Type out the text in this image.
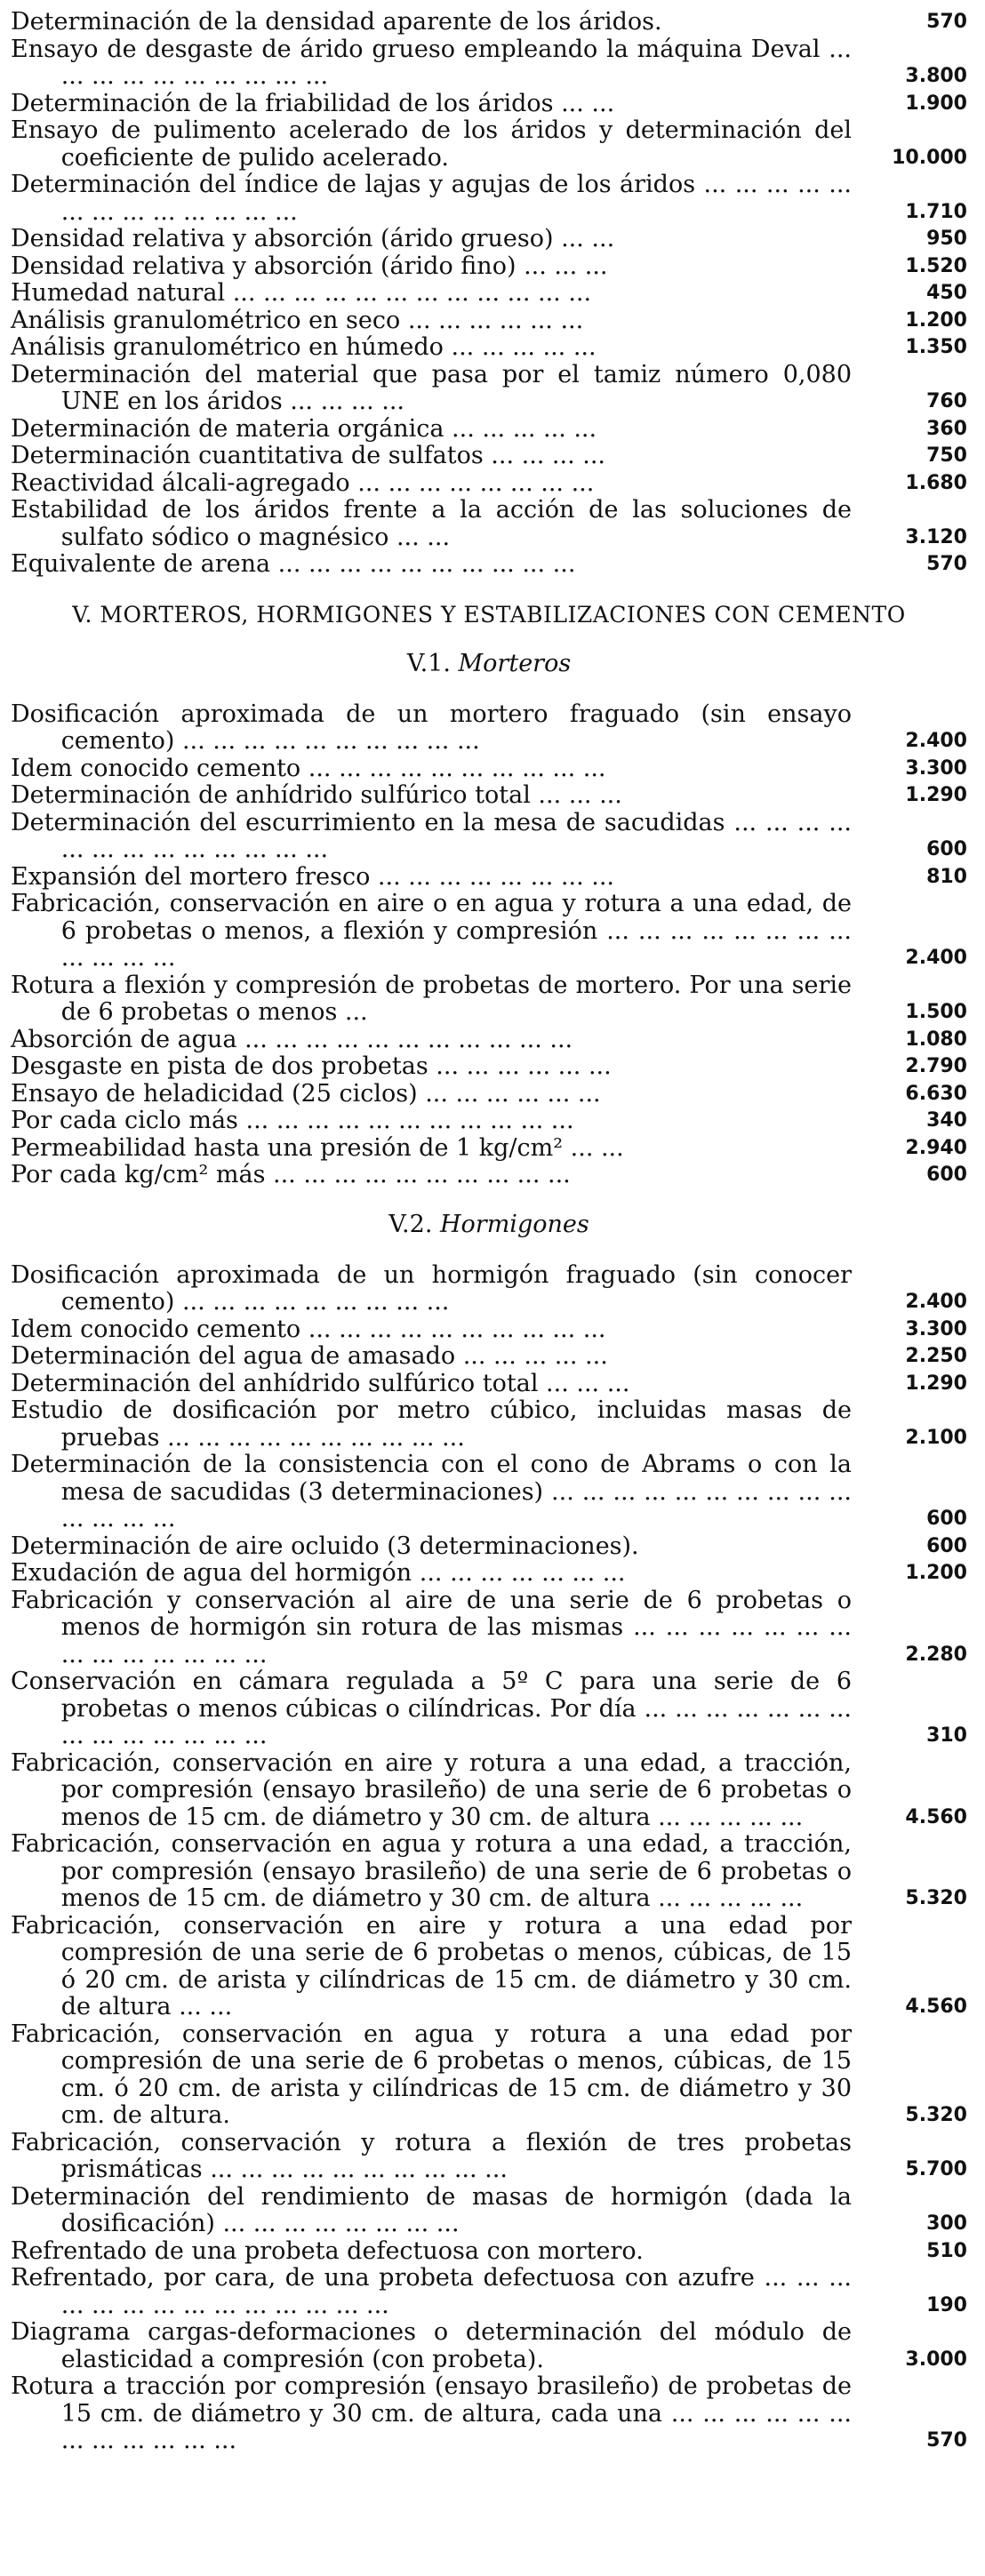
Determinación de la densidad aparente de los áridos.	570
Ensayo de desgaste de árido grueso empleando la máquina Deval ... ... ... ... ... ... ... ... ... ...	3.800
Determinación de la friabilidad de los áridos ... ...	1.900
Ensayo de pulimento acelerado de los áridos y determinación del coeficiente de pulido acelerado.	10.000
Determinación del índice de lajas y agujas de los áridos ... ... ... ... ... ... ... ... ... ... ... ... ...	1.710
Densidad relativa y absorción (árido grueso) ... ...	950
Densidad relativa y absorción (árido fino) ... ... ...	1.520
Humedad natural ... ... ... ... ... ... ... ... ... ... ... ...	450
Análisis granulométrico en seco ... ... ... ... ... ...	1.200
Análisis granulométrico en húmedo ... ... ... ... ...	1.350
Determinación del material que pasa por el tamiz número 0,080 UNE en los áridos ... ... ... ...	760
Determinación de materia orgánica ... ... ... ... ...	360
Determinación cuantitativa de sulfatos ... ... ... ...	750
Reactividad álcali-agregado ... ... ... ... ... ... ... ...	1.680
Estabilidad de los áridos frente a la acción de las soluciones de sulfato sódico o magnésico ... ...	3.120
Equivalente de arena ... ... ... ... ... ... ... ... ... ...	570
V. MORTEROS, HORMIGONES Y ESTABILIZACIONES CON CEMENTO
V.1. Morteros
Dosificación aproximada de un mortero fraguado (sin ensayo cemento) ... ... ... ... ... ... ... ... ... ...	2.400
Idem conocido cemento ... ... ... ... ... ... ... ... ... ...	3.300
Determinación de anhídrido sulfúrico total ... ... ...	1.290
Determinación del escurrimiento en la mesa de sacudidas ... ... ... ... ... ... ... ... ... ... ... ... ...	600
Expansión del mortero fresco ... ... ... ... ... ... ... ...	810
Fabricación, conservación en aire o en agua y rotura a una edad, de 6 probetas o menos, a flexión y compresión ... ... ... ... ... ... ... ... ... ... ... ...	2.400
Rotura a flexión y compresión de probetas de mortero. Por una serie de 6 probetas o menos ...	1.500
Absorción de agua ... ... ... ... ... ... ... ... ... ... ...	1.080
Desgaste en pista de dos probetas ... ... ... ... ... ...	2.790
Ensayo de heladicidad (25 ciclos) ... ... ... ... ... ...	6.630
Por cada ciclo más ... ... ... ... ... ... ... ... ... ... ...	340
Permeabilidad hasta una presión de 1 kg/cm² ... ...	2.940
Por cada kg/cm² más ... ... ... ... ... ... ... ... ... ...	600
V.2. Hormigones
Dosificación aproximada de un hormigón fraguado (sin conocer cemento) ... ... ... ... ... ... ... ... ...	2.400
Idem conocido cemento ... ... ... ... ... ... ... ... ... ...	3.300
Determinación del agua de amasado ... ... ... ... ...	2.250
Determinación del anhídrido sulfúrico total ... ... ...	1.290
Estudio de dosificación por metro cúbico, incluidas masas de pruebas ... ... ... ... ... ... ... ... ... ...	2.100
Determinación de la consistencia con el cono de Abrams o con la mesa de sacudidas (3 determinaciones) ... ... ... ... ... ... ... ... ... ... ... ... ... ...	600
Determinación de aire ocluido (3 determinaciones).	600
Exudación de agua del hormigón ... ... ... ... ... ... ...	1.200
Fabricación y conservación al aire de una serie de 6 probetas o menos de hormigón sin rotura de las mismas ... ... ... ... ... ... ... ... ... ... ... ... ... ...	2.280
Conservación en cámara regulada a 5º C para una serie de 6 probetas o menos cúbicas o cilíndricas. Por día ... ... ... ... ... ... ... ... ... ... ... ... ... ...	310
Fabricación, conservación en aire y rotura a una edad, a tracción, por compresión (ensayo brasileño) de una serie de 6 probetas o menos de 15 cm. de diámetro y 30 cm. de altura ... ... ... ... ...	4.560
Fabricación, conservación en agua y rotura a una edad, a tracción, por compresión (ensayo brasileño) de una serie de 6 probetas o menos de 15 cm. de diámetro y 30 cm. de altura ... ... ... ... ...	5.320
Fabricación, conservación en aire y rotura a una edad por compresión de una serie de 6 probetas o menos, cúbicas, de 15 ó 20 cm. de arista y cilíndricas de 15 cm. de diámetro y 30 cm. de altura ... ...	4.560
Fabricación, conservación en agua y rotura a una edad por compresión de una serie de 6 probetas o menos, cúbicas, de 15 cm. ó 20 cm. de arista y cilíndricas de 15 cm. de diámetro y 30 cm. de altura.	5.320
Fabricación, conservación y rotura a flexión de tres probetas prismáticas ... ... ... ... ... ... ... ... ... ...	5.700
Determinación del rendimiento de masas de hormigón (dada la dosificación) ... ... ... ... ... ... ... ...	300
Refrentado de una probeta defectuosa con mortero.	510
Refrentado, por cara, de una probeta defectuosa con azufre ... ... ... ... ... ... ... ... ... ... ... ... ... ...	190
Diagrama cargas-deformaciones o determinación del módulo de elasticidad a compresión (con probeta).	3.000
Rotura a tracción por compresión (ensayo brasileño) de probetas de 15 cm. de diámetro y 30 cm. de altura, cada una ... ... ... ... ... ... ... ... ... ... ... ...	570
